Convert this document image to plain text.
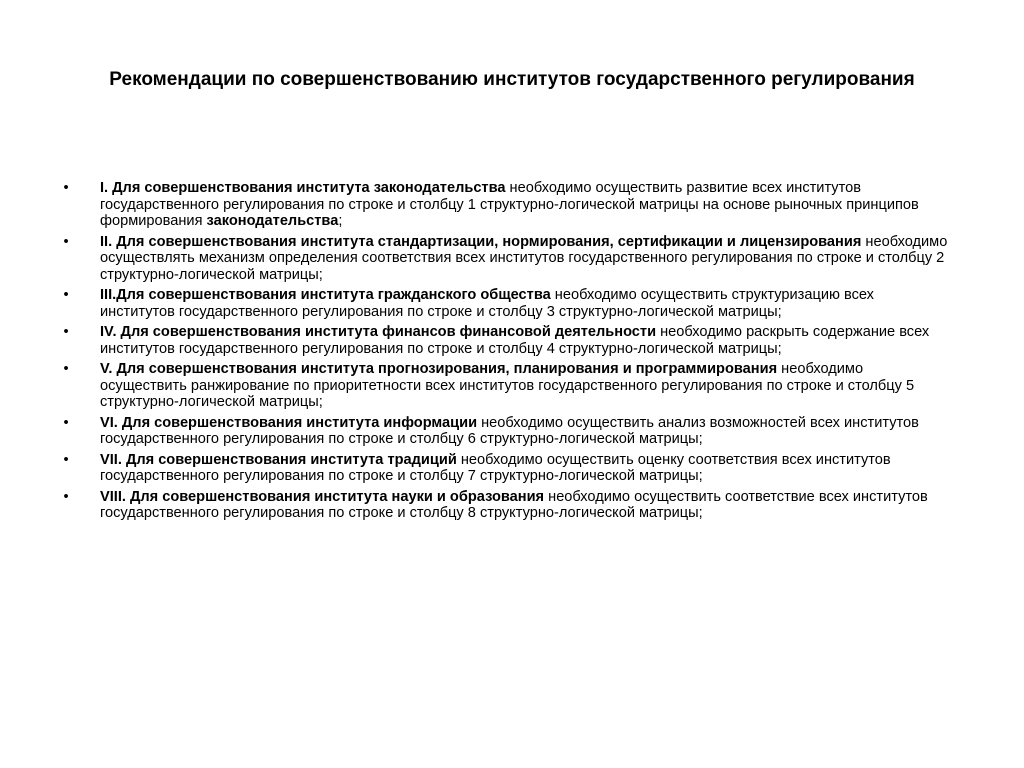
Рекомендации по совершенствованию институтов государственного регулирования
• I. Для совершенствования института законодательства необходимо осуществить развитие всех институтов государственного регулирования по строке и столбцу 1 структурно-логической матрицы на основе рыночных принципов формирования законодательства;
• II. Для совершенствования института стандартизации, нормирования, сертификации и лицензирования необходимо осуществлять механизм определения соответствия всех институтов государственного регулирования по строке и столбцу 2 структурно-логической матрицы;
• III.Для совершенствования института гражданского общества необходимо осуществить структуризацию всех институтов государственного регулирования по строке и столбцу 3 структурно-логической матрицы;
• IV. Для совершенствования института финансов финансовой деятельности необходимо раскрыть содержание всех институтов государственного регулирования по строке и столбцу 4 структурно-логической матрицы;
• V. Для совершенствования института прогнозирования, планирования и программирования необходимо осуществить ранжирование по приоритетности всех институтов государственного регулирования по строке и столбцу 5 структурно-логической матрицы;
• VI. Для совершенствования института информации необходимо осуществить анализ возможностей всех институтов государственного регулирования по строке и столбцу 6 структурно-логической матрицы;
• VII. Для совершенствования института традиций необходимо осуществить оценку соответствия всех институтов государственного регулирования по строке и столбцу 7 структурно-логической матрицы;
• VIII. Для совершенствования института науки и образования необходимо осуществить соответствие всех институтов государственного регулирования по строке и столбцу 8 структурно-логической матрицы;
